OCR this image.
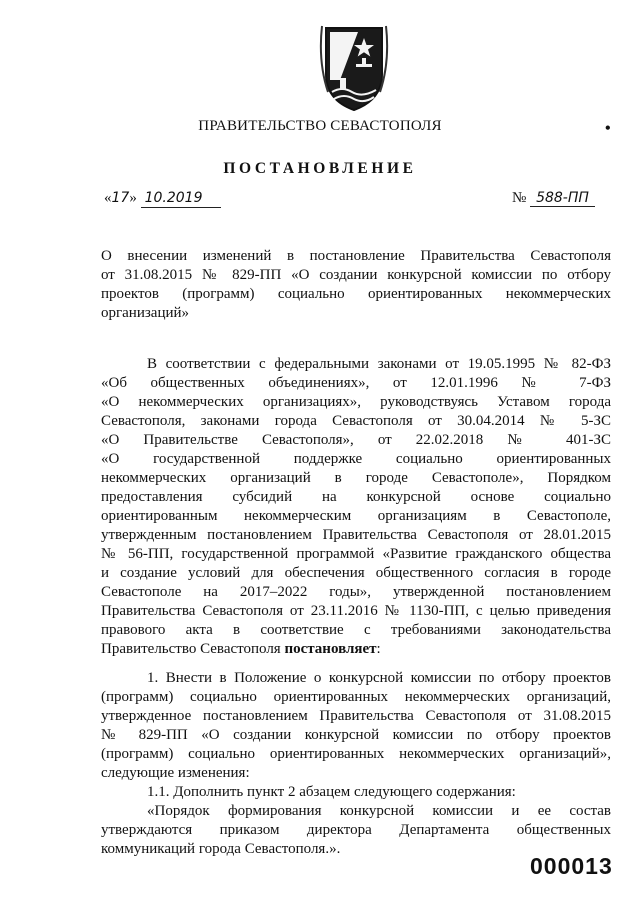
ПРАВИТЕЛЬСТВО СЕВАСТОПОЛЯ	•
ПОСТАНОВЛЕНИЕ
«17» 10.2019	№ 588-ПП
О внесении изменений в постановление Правительства Севастополя
от 31.08.2015 № 829-ПП «О создании конкурсной комиссии по отбору
проектов (программ) социально ориентированных некоммерческих
организаций»
В соответствии с федеральными законами от 19.05.1995 № 82-ФЗ
«Об общественных объединениях», от 12.01.1996 № 7-ФЗ
«О некоммерческих организациях», руководствуясь Уставом города
Севастополя, законами города Севастополя от 30.04.2014 № 5-ЗС
«О Правительстве Севастополя», от 22.02.2018 № 401-ЗС
«О государственной поддержке социально ориентированных
некоммерческих организаций в городе Севастополе», Порядком
предоставления субсидий на конкурсной основе социально
ориентированным некоммерческим организациям в Севастополе,
утвержденным постановлением Правительства Севастополя от 28.01.2015
№ 56-ПП, государственной программой «Развитие гражданского общества
и создание условий для обеспечения общественного согласия в городе
Севастополе на 2017–2022 годы», утвержденной постановлением
Правительства Севастополя от 23.11.2016 № 1130-ПП, с целью приведения
правового акта в соответствие с требованиями законодательства
Правительство Севастополя постановляет:
1. Внести в Положение о конкурсной комиссии по отбору проектов
(программ) социально ориентированных некоммерческих организаций,
утвержденное постановлением Правительства Севастополя от 31.08.2015
№ 829-ПП «О создании конкурсной комиссии по отбору проектов
(программ) социально ориентированных некоммерческих организаций»,
следующие изменения:
1.1. Дополнить пункт 2 абзацем следующего содержания:
«Порядок формирования конкурсной комиссии и ее состав
утверждаются приказом директора Департамента общественных
коммуникаций города Севастополя.».
000013
